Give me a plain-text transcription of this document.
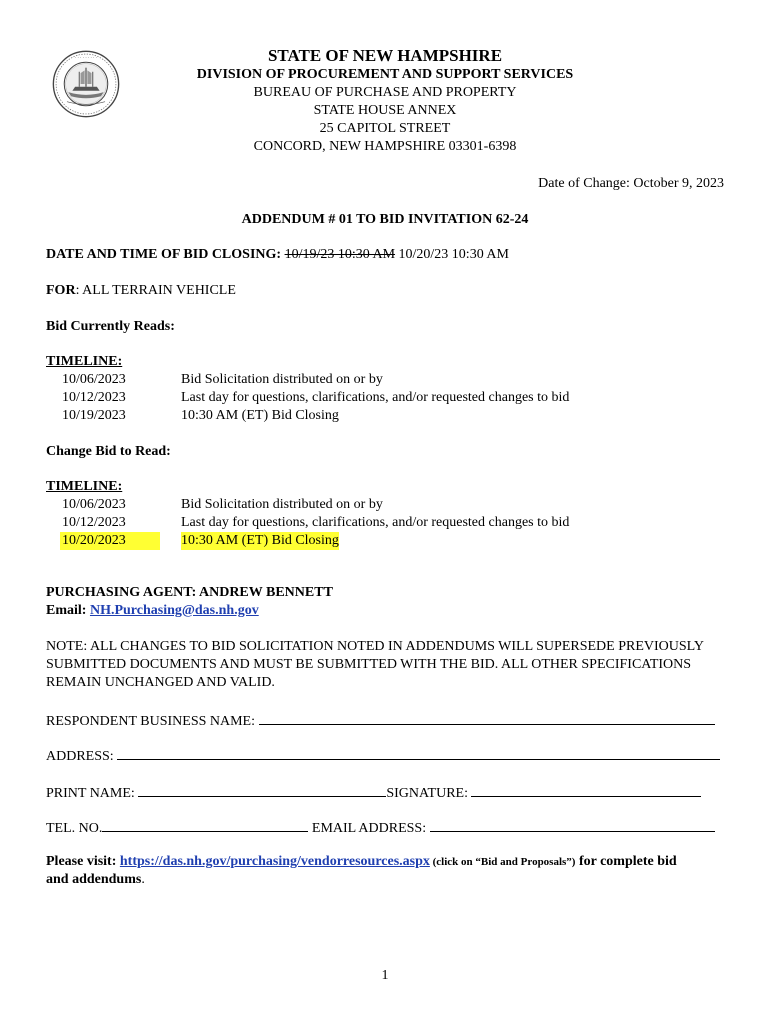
· · · · · · · · ·	STATE OF NEW HAMPSHIRE
DIVISION OF PROCUREMENT AND SUPPORT SERVICES
BUREAU OF PURCHASE AND PROPERTY
STATE HOUSE ANNEX
25 CAPITOL STREET
CONCORD, NEW HAMPSHIRE 03301-6398
Date of Change: October 9, 2023
ADDENDUM # 01 TO BID INVITATION 62-24
DATE AND TIME OF BID CLOSING: 10/19/23 10:30 AM 10/20/23 10:30 AM
FOR: ALL TERRAIN VEHICLE
Bid Currently Reads:
TIMELINE:
10/06/2023	Bid Solicitation distributed on or by
10/12/2023	Last day for questions, clarifications, and/or requested changes to bid
10/19/2023	10:30 AM (ET) Bid Closing
Change Bid to Read:
TIMELINE:
10/06/2023	Bid Solicitation distributed on or by
10/12/2023	Last day for questions, clarifications, and/or requested changes to bid
10/20/2023	10:30 AM (ET) Bid Closing
PURCHASING AGENT: ANDREW BENNETT
Email: NH.Purchasing@das.nh.gov
NOTE: ALL CHANGES TO BID SOLICITATION NOTED IN ADDENDUMS WILL SUPERSEDE PREVIOUSLY SUBMITTED DOCUMENTS AND MUST BE SUBMITTED WITH THE BID. ALL OTHER SPECIFICATIONS REMAIN UNCHANGED AND VALID.
RESPONDENT BUSINESS NAME:
ADDRESS:
PRINT NAME:	SIGNATURE:
TEL. NO.	EMAIL ADDRESS:
Please visit: https://das.nh.gov/purchasing/vendorresources.aspx (click on “Bid and Proposals”) for complete bid
and addendums.
1
